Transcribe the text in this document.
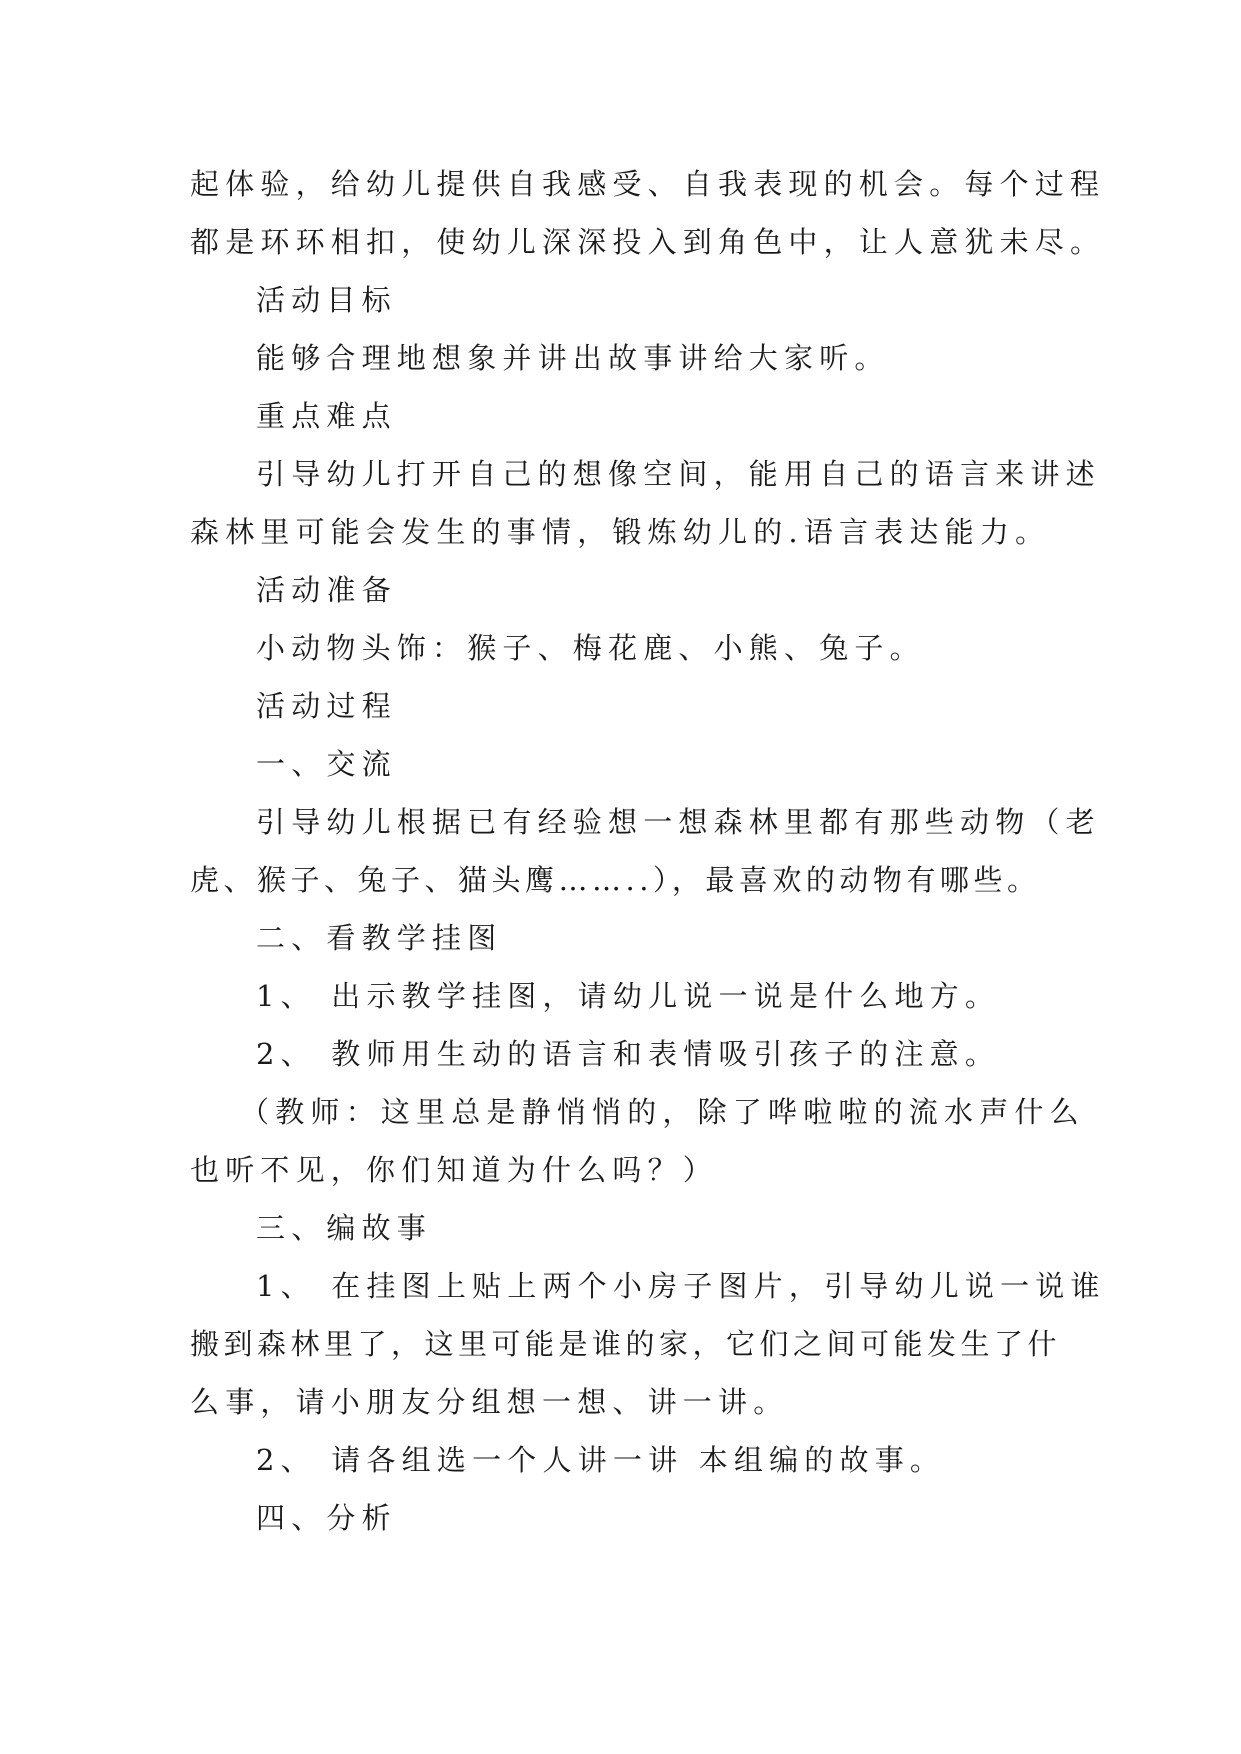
起体验，给幼儿提供自我感受、自我表现的机会。每个过程
都是环环相扣，使幼儿深深投入到角色中，让人意犹未尽。
活动目标
能够合理地想象并讲出故事讲给大家听。
重点难点
引导幼儿打开自己的想像空间，能用自己的语言来讲述
森林里可能会发生的事情，锻炼幼儿的.语言表达能力。
活动准备
小动物头饰：猴子、梅花鹿、小熊、兔子。
活动过程
一、交流
引导幼儿根据已有经验想一想森林里都有那些动物（老
虎、猴子、兔子、猫头鹰……..），最喜欢的动物有哪些。
二、看教学挂图
1、 出示教学挂图，请幼儿说一说是什么地方。
2、 教师用生动的语言和表情吸引孩子的注意。
（教师：这里总是静悄悄的，除了哗啦啦的流水声什么
也听不见，你们知道为什么吗？）
三、编故事
1、 在挂图上贴上两个小房子图片，引导幼儿说一说谁
搬到森林里了，这里可能是谁的家，它们之间可能发生了什
么事，请小朋友分组想一想、讲一讲。
2、 请各组选一个人讲一讲 本组编的故事。
四、分析
